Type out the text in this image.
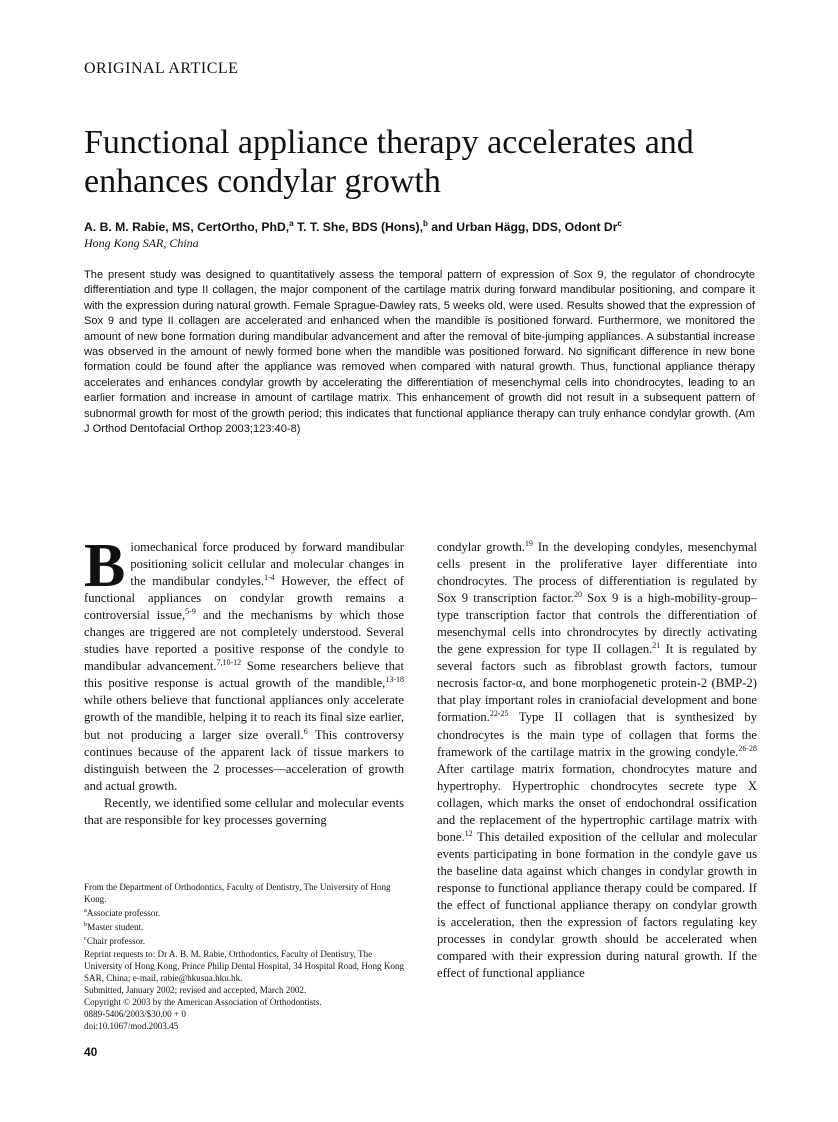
ORIGINAL ARTICLE
Functional appliance therapy accelerates and enhances condylar growth
A. B. M. Rabie, MS, CertOrtho, PhD,$^a$ T. T. She, BDS (Hons),$^b$ and Urban Hägg, DDS, Odont Dr$^c$
Hong Kong SAR, China

The present study was designed to quantitatively assess the temporal pattern of expression of Sox 9, the regulator of chondrocyte differentiation and type II collagen, the major component of the cartilage matrix during forward mandibular positioning, and compare it with the expression during natural growth. Female Sprague-Dawley rats, 5 weeks old, were used. Results showed that the expression of Sox 9 and type II collagen are accelerated and enhanced when the mandible is positioned forward. Furthermore, we monitored the amount of new bone formation during mandibular advancement and after the removal of bite-jumping appliances. A substantial increase was observed in the amount of newly formed bone when the mandible was positioned forward. No significant difference in new bone formation could be found after the appliance was removed when compared with natural growth. Thus, functional appliance therapy accelerates and enhances condylar growth by accelerating the differentiation of mesenchymal cells into chondrocytes, leading to an earlier formation and increase in amount of cartilage matrix. This enhancement of growth did not result in a subsequent pattern of subnormal growth for most of the growth period; this indicates that functional appliance therapy can truly enhance condylar growth. (Am J Orthod Dentofacial Orthop 2003;123:40-8)

Biomechanical force produced by forward mandibular positioning solicit cellular and molecular changes in the mandibular condyles.$^{1-4}$ However, the effect of functional appliances on condylar growth remains a controversial issue,$^{5-9}$ and the mechanisms by which those changes are triggered are not completely understood. Several studies have reported a positive response of the condyle to mandibular advancement.$^{7,10-12}$ Some researchers believe that this positive response is actual growth of the mandible,$^{13-18}$ while others believe that functional appliances only accelerate growth of the mandible, helping it to reach its final size earlier, but not producing a larger size overall.$^6$ This controversy continues because of the apparent lack of tissue markers to distinguish between the 2 processes—acceleration of growth and actual growth.

Recently, we identified some cellular and molecular events that are responsible for key processes governing

condylar growth.$^{19}$ In the developing condyles, mesenchymal cells present in the proliferative layer differentiate into chondrocytes. The process of differentiation is regulated by Sox 9 transcription factor.$^{20}$ Sox 9 is a high-mobility-group–type transcription factor that controls the differentiation of mesenchymal cells into chrondrocytes by directly activating the gene expression for type II collagen.$^{21}$ It is regulated by several factors such as fibroblast growth factors, tumour necrosis factor-α, and bone morphogenetic protein-2 (BMP-2) that play important roles in craniofacial development and bone formation.$^{22-25}$ Type II collagen that is synthesized by chondrocytes is the main type of collagen that forms the framework of the cartilage matrix in the growing condyle.$^{26-28}$ After cartilage matrix formation, chondrocytes mature and hypertrophy. Hypertrophic chondrocytes secrete type X collagen, which marks the onset of endochondral ossification and the replacement of the hypertrophic cartilage matrix with bone.$^{12}$ This detailed exposition of the cellular and molecular events participating in bone formation in the condyle gave us the baseline data against which changes in condylar growth in response to functional appliance therapy could be compared. If the effect of functional appliance therapy on condylar growth is acceleration, then the expression of factors regulating key processes in condylar growth should be accelerated when compared with their expression during natural growth. If the effect of functional appliance

From the Department of Orthodontics, Faculty of Dentistry, The University of Hong Kong.
$^a$Associate professor.
$^b$Master student.
$^c$Chair professor.
Reprint requests to: Dr A. B. M. Rabie, Orthodontics, Faculty of Dentistry, The University of Hong Kong, Prince Philip Dental Hospital, 34 Hospital Road, Hong Kong SAR, China; e-mail, rabie@hkusua.hku.hk.
Submitted, January 2002; revised and accepted, March 2002.
Copyright © 2003 by the American Association of Orthodontists.
0889-5406/2003/$30.00 + 0
doi:10.1067/mod.2003.45
40
